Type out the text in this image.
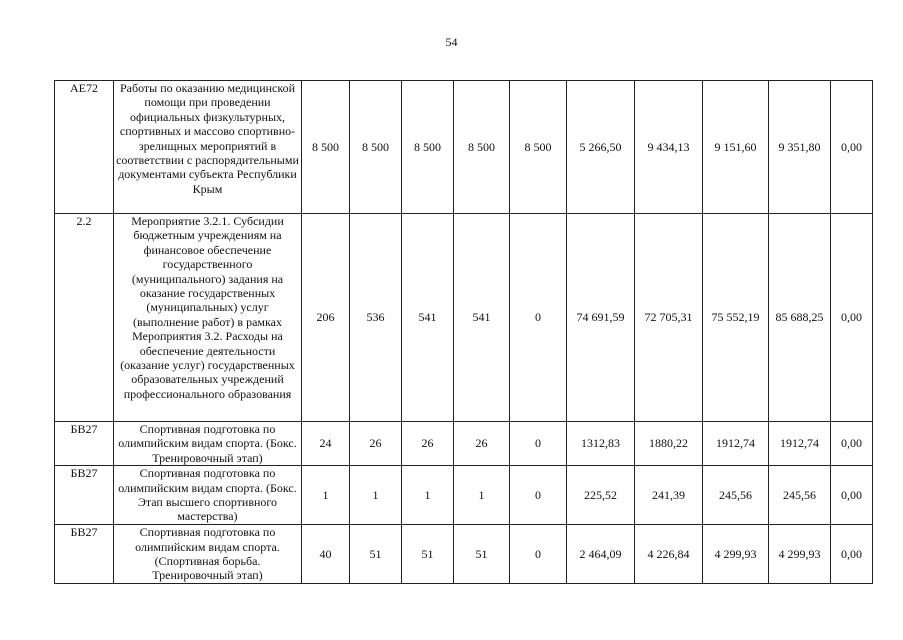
54
АЕ72	Работы по оказанию медицинской помощи при проведении официальных физкультурных, спортивных и массово спортивно-зрелищных мероприятий в соответствии с распорядительными документами субъекта Республики Крым	8 500	8 500	8 500	8 500	8 500	5 266,50	9 434,13	9 151,60	9 351,80	0,00
2.2	Мероприятие 3.2.1. Субсидии бюджетным учреждениям на финансовое обеспечение государственного (муниципального) задания на оказание государственных (муниципальных) услуг (выполнение работ) в рамках Мероприятия 3.2. Расходы на обеспечение деятельности (оказание услуг) государственных образовательных учреждений профессионального образования	206	536	541	541	0	74 691,59	72 705,31	75 552,19	85 688,25	0,00
БВ27	Спортивная подготовка по олимпийским видам спорта. (Бокс. Тренировочный этап)	24	26	26	26	0	1312,83	1880,22	1912,74	1912,74	0,00
БВ27	Спортивная подготовка по олимпийским видам спорта. (Бокс. Этап высшего спортивного мастерства)	1	1	1	1	0	225,52	241,39	245,56	245,56	0,00
БВ27	Спортивная подготовка по олимпийским видам спорта. (Спортивная борьба. Тренировочный этап)	40	51	51	51	0	2 464,09	4 226,84	4 299,93	4 299,93	0,00
